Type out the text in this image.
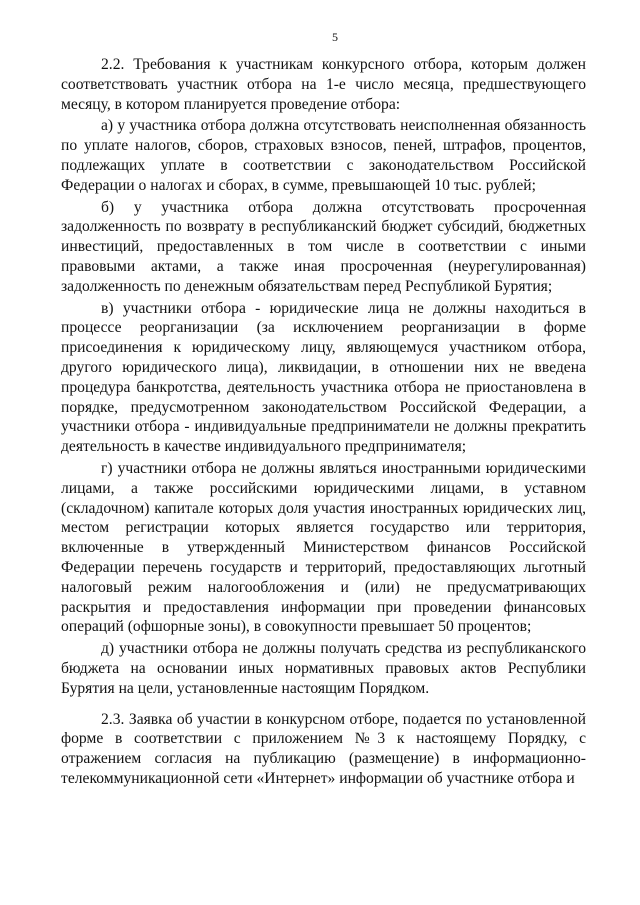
5

2.2. Требования к участникам конкурсного отбора, которым должен соответствовать участник отбора на 1-е число месяца, предшествующего месяцу, в котором планируется проведение отбора:

а) у участника отбора должна отсутствовать неисполненная обязанность по уплате налогов, сборов, страховых взносов, пеней, штрафов, процентов, подлежащих уплате в соответствии с законодательством Российской Федерации о налогах и сборах, в сумме, превышающей 10 тыс. рублей;

б) у участника отбора должна отсутствовать просроченная задолженность по возврату в республиканский бюджет субсидий, бюджетных инвестиций, предоставленных в том числе в соответствии с иными правовыми актами, а также иная просроченная (неурегулированная) задолженность по денежным обязательствам перед Республикой Бурятия;

в) участники отбора - юридические лица не должны находиться в процессе реорганизации (за исключением реорганизации в форме присоединения к юридическому лицу, являющемуся участником отбора, другого юридического лица), ликвидации, в отношении них не введена процедура банкротства, деятельность участника отбора не приостановлена в порядке, предусмотренном законодательством Российской Федерации, а участники отбора - индивидуальные предприниматели не должны прекратить деятельность в качестве индивидуального предпринимателя;

г) участники отбора не должны являться иностранными юридическими лицами, а также российскими юридическими лицами, в уставном (складочном) капитале которых доля участия иностранных юридических лиц, местом регистрации которых является государство или территория, включенные в утвержденный Министерством финансов Российской Федерации перечень государств и территорий, предоставляющих льготный налоговый режим налогообложения и (или) не предусматривающих раскрытия и предоставления информации при проведении финансовых операций (офшорные зоны), в совокупности превышает 50 процентов;

д) участники отбора не должны получать средства из республиканского бюджета на основании иных нормативных правовых актов Республики Бурятия на цели, установленные настоящим Порядком.

2.3. Заявка об участии в конкурсном отборе, подается по установленной форме в соответствии с приложением №3 к настоящему Порядку, с отражением согласия на публикацию (размещение) в информационно-телекоммуникационной сети «Интернет» информации об участнике отбора и
